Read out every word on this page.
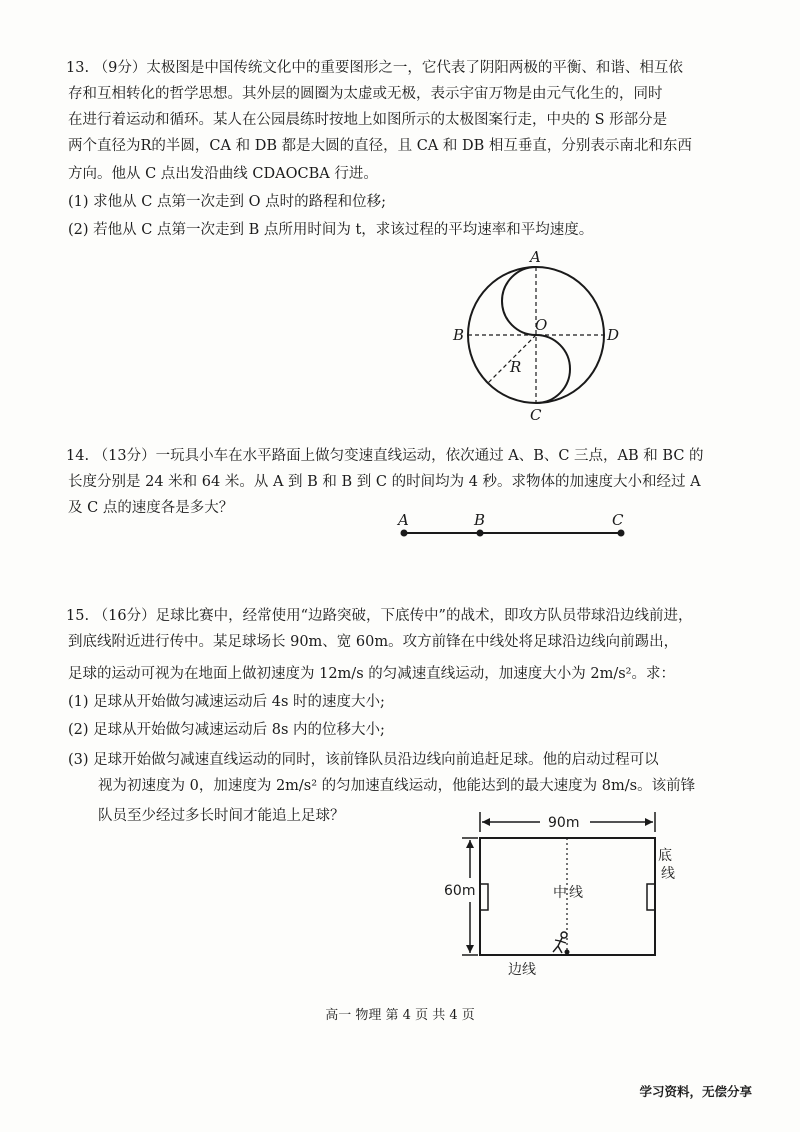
13. （9分）太极图是中国传统文化中的重要图形之一，它代表了阴阳两极的平衡、和谐、相互依
存和互相转化的哲学思想。其外层的圆圈为太虚或无极，表示宇宙万物是由元气化生的，同时
在进行着运动和循环。某人在公园晨练时按地上如图所示的太极图案行走，中央的 S 形部分是
两个直径为R的半圆，CA 和 DB 都是大圆的直径，且 CA 和 DB 相互垂直，分别表示南北和东西
方向。他从 C 点出发沿曲线 CDAOCBA 行进。
(1) 求他从 C 点第一次走到 O 点时的路程和位移;
(2) 若他从 C 点第一次走到 B 点所用时间为 t，求该过程的平均速率和平均速度。
A
B
C
D
O
R
14. （13分）一玩具小车在水平路面上做匀变速直线运动，依次通过 A、B、C 三点，AB 和 BC 的
长度分别是 24 米和 64 米。从 A 到 B 和 B 到 C 的时间均为 4 秒。求物体的加速度大小和经过 A
及 C 点的速度各是多大？
A	B	C
15. （16分）足球比赛中，经常使用“边路突破，下底传中”的战术，即攻方队员带球沿边线前进，
到底线附近进行传中。某足球场长 90m、宽 60m。攻方前锋在中线处将足球沿边线向前踢出，
足球的运动可视为在地面上做初速度为 12m/s 的匀减速直线运动，加速度大小为 2m/s²。求：
(1) 足球从开始做匀减速运动后 4s 时的速度大小;
(2) 足球从开始做匀减速运动后 8s 内的位移大小;
(3) 足球开始做匀减速直线运动的同时，该前锋队员沿边线向前追赶足球。他的启动过程可以
视为初速度为 0，加速度为 2m/s² 的匀加速直线运动，他能达到的最大速度为 8m/s。该前锋
队员至少经过多长时间才能追上足球？	90m
60m	中 线
底
线
边线
高一 物理 第 4 页 共 4 页
学习资料，无偿分享
